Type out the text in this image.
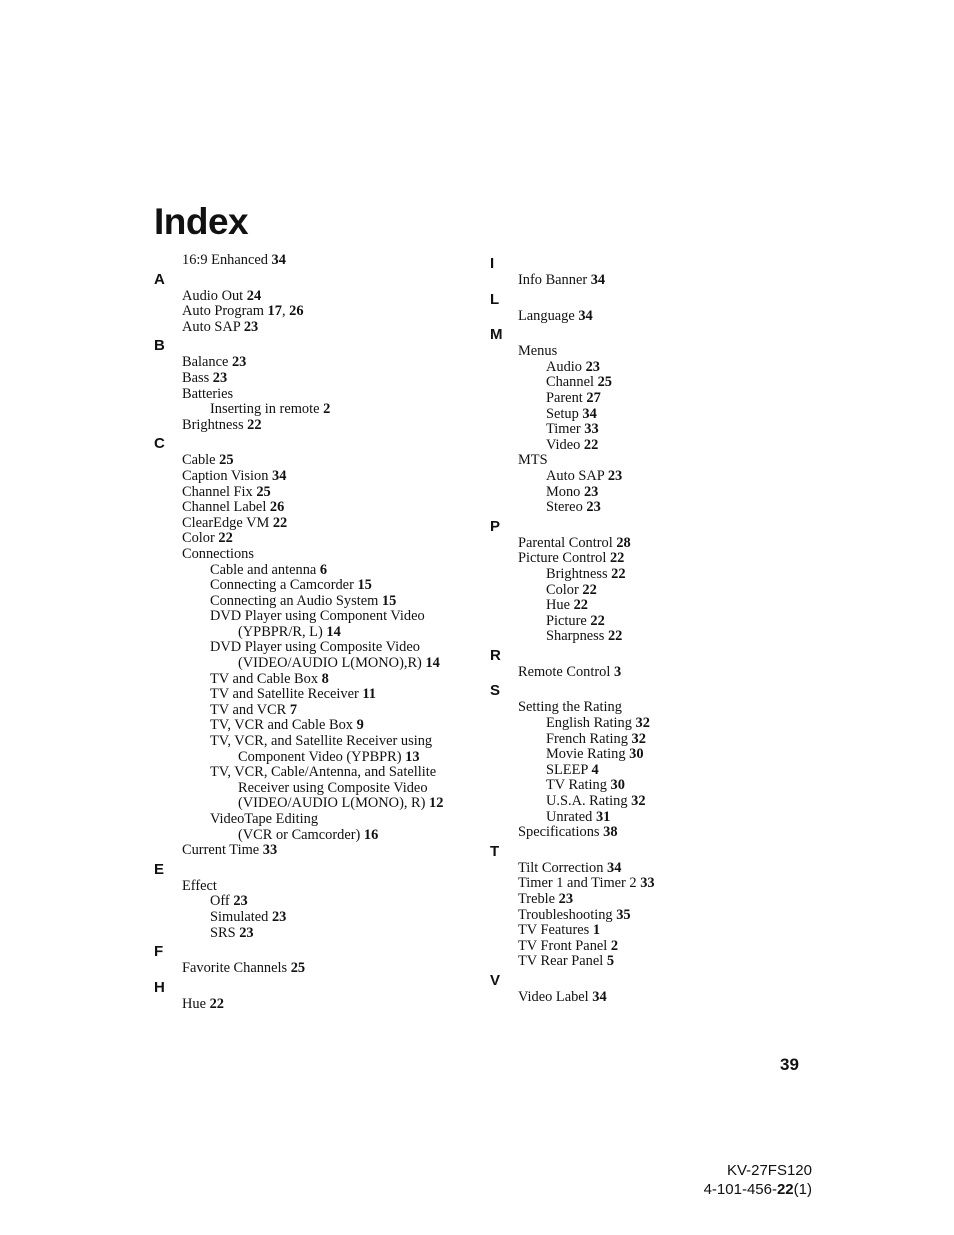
Index
16:9 Enhanced 34
A
Audio Out 24
Auto Program 17, 26
Auto SAP 23
B
Balance 23
Bass 23
Batteries
Inserting in remote 2
Brightness 22
C
Cable 25
Caption Vision 34
Channel Fix 25
Channel Label 26
ClearEdge VM 22
Color 22
Connections
Cable and antenna 6
Connecting a Camcorder 15
Connecting an Audio System 15
DVD Player using Component Video
(YPBPR/R, L) 14
DVD Player using Composite Video
(VIDEO/AUDIO L(MONO),R) 14
TV and Cable Box 8
TV and Satellite Receiver 11
TV and VCR 7
TV, VCR and Cable Box 9
TV, VCR, and Satellite Receiver using
Component Video (YPBPR) 13
TV, VCR, Cable/Antenna, and Satellite
Receiver using Composite Video
(VIDEO/AUDIO L(MONO), R) 12
VideoTape Editing
(VCR or Camcorder) 16
Current Time 33
E
Effect
Off 23
Simulated 23
SRS 23
F
Favorite Channels 25
H
Hue 22
I
Info Banner 34
L
Language 34
M
Menus
Audio 23
Channel 25
Parent 27
Setup 34
Timer 33
Video 22
MTS
Auto SAP 23
Mono 23
Stereo 23
P
Parental Control 28
Picture Control 22
Brightness 22
Color 22
Hue 22
Picture 22
Sharpness 22
R
Remote Control 3
S
Setting the Rating
English Rating 32
French Rating 32
Movie Rating 30
SLEEP 4
TV Rating 30
U.S.A. Rating 32
Unrated 31
Specifications 38
T
Tilt Correction 34
Timer 1 and Timer 2 33
Treble 23
Troubleshooting 35
TV Features 1
TV Front Panel 2
TV Rear Panel 5
V
Video Label 34
39
KV-27FS120
4-101-456-22(1)
